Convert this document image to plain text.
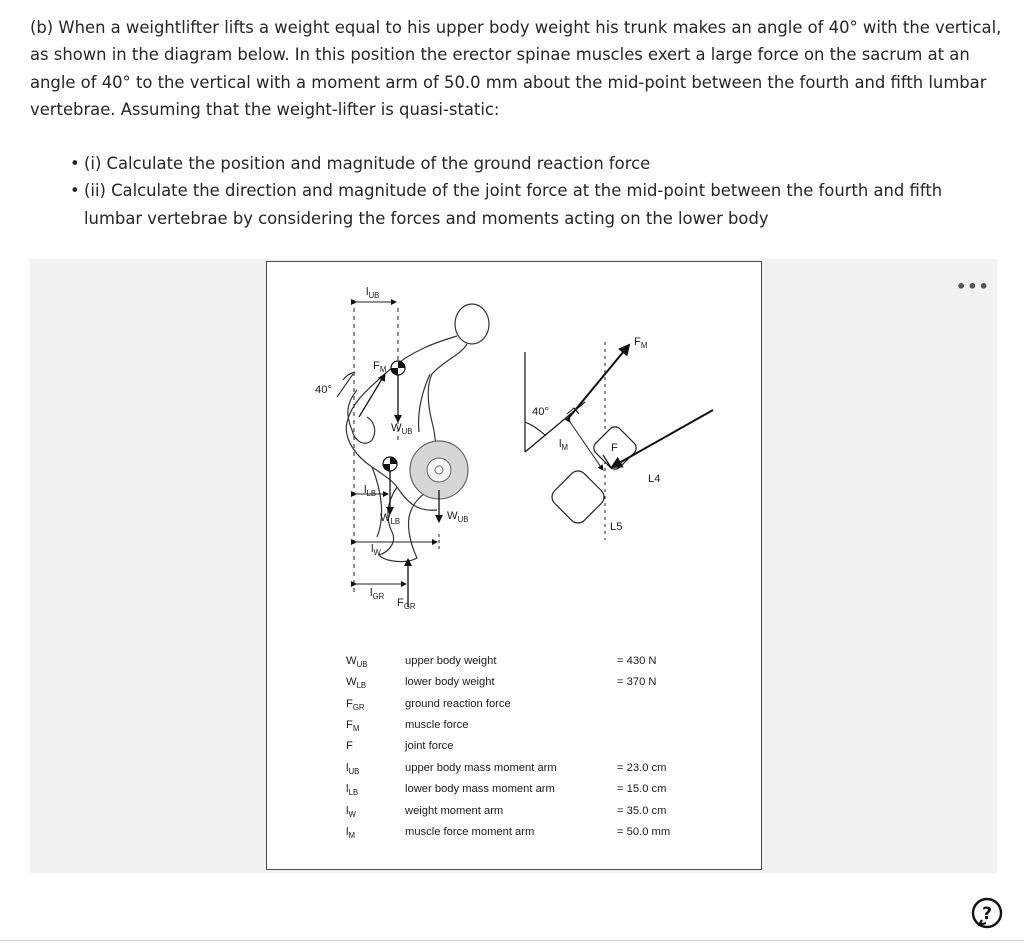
(b) When a weightlifter lifts a weight equal to his upper body weight his trunk makes an angle of 40° with the vertical, as shown in the diagram below. In this position the erector spinae muscles exert a large force on the sacrum at an angle of 40° to the vertical with a moment arm of 50.0 mm about the mid-point between the fourth and fifth lumbar vertebrae. Assuming that the weight-lifter is quasi-static:

• (i) Calculate the position and magnitude of the ground reaction force
• (ii) Calculate the direction and magnitude of the joint force at the mid-point between the fourth and fifth lumbar vertebrae by considering the forces and moments acting on the lower body
•••
$l_{UB}$
$F_M$
40°
$W_{UB}$
$l_{LB}$
$W_{LB}$	$W_{UB}$
$l_W$
$l_{GR}$
$F_{GR}$
40°
$l_M$
$F_M$
F
L4
L5
$W_{UB}$	upper body weight	= 430 N
$W_{LB}$	lower body weight	= 370 N
$F_{GR}$	ground reaction force
$F_M$	muscle force
F	joint force
$l_{UB}$	upper body mass moment arm	= 23.0 cm
$l_{LB}$	lower body mass moment arm	= 15.0 cm
$l_W$	weight moment arm	= 35.0 cm
$l_M$	muscle force moment arm	= 50.0 mm
?
